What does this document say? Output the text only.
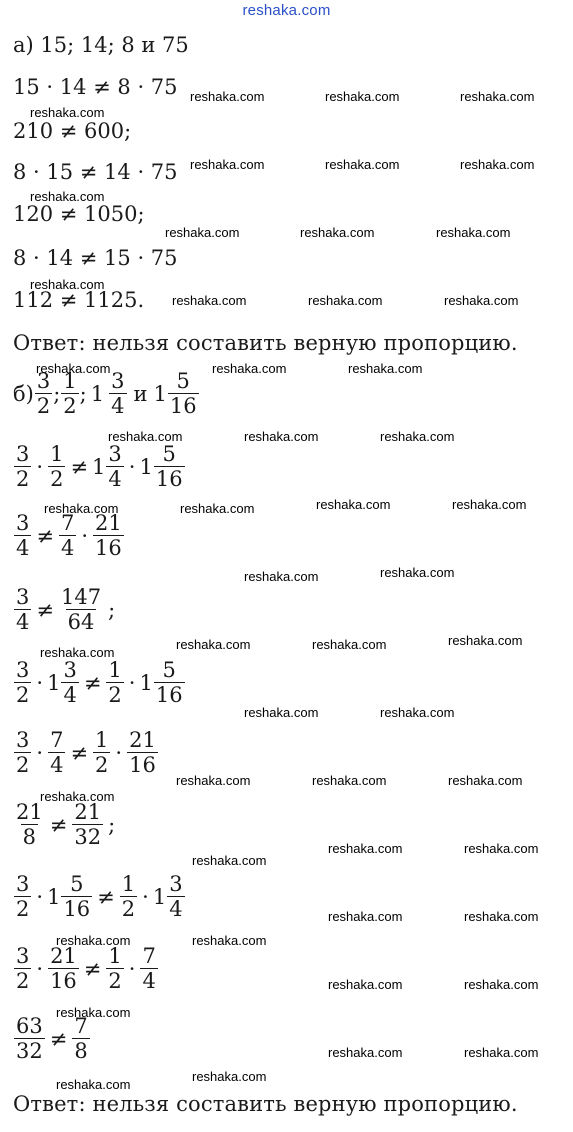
reshaka.com
а) 15; 14; 8 и 75
15 · 14 ≠ 8 · 75
210 ≠ 600;
8 · 15 ≠ 14 · 75
120 ≠ 1050;
8 · 14 ≠ 15 · 75
112 ≠ 1125.
Ответ: нельзя составить верную пропорцию.
$б) \frac{3}{2}$ ; $\frac{1}{2}$ ; $1 \frac{3}{4}$ и $1 \frac{5}{16}$
$\frac{3}{2} \cdot \frac{1}{2} \ne 1 \frac{3}{4} \cdot 1 \frac{5}{16}$
$\frac{3}{4} \ne \frac{7}{4} \cdot \frac{21}{16}$
$\frac{3}{4} \ne \frac{147}{64}$ ;
$\frac{3}{2} \cdot 1 \frac{3}{4} \ne \frac{1}{2} \cdot 1 \frac{5}{16}$
$\frac{3}{2} \cdot \frac{7}{4} \ne \frac{1}{2} \cdot \frac{21}{16}$
$\frac{21}{8} \ne \frac{21}{32}$ ;
$\frac{3}{2} \cdot 1 \frac{5}{16} \ne \frac{1}{2} \cdot 1 \frac{3}{4}$
$\frac{3}{2} \cdot \frac{21}{16} \ne \frac{1}{2} \cdot \frac{7}{4}$
$\frac{63}{32} \ne \frac{7}{8}$
Ответ: нельзя составить верную пропорцию.
reshaka.com	reshaka.com	reshaka.com
reshaka.com
reshaka.com	reshaka.com	reshaka.com
reshaka.com
reshaka.com	reshaka.com	reshaka.com
reshaka.com
reshaka.com	reshaka.com	reshaka.com
reshaka.com	reshaka.com	reshaka.com
reshaka.com	reshaka.com	reshaka.com
reshaka.com	reshaka.com	reshaka.com	reshaka.com
reshaka.com	reshaka.com
reshaka.com	reshaka.com	reshaka.com
reshaka.com
reshaka.com	reshaka.com
reshaka.com	reshaka.com	reshaka.com
reshaka.com
reshaka.com	reshaka.com
reshaka.com
reshaka.com	reshaka.com
reshaka.com	reshaka.com
reshaka.com	reshaka.com
reshaka.com
reshaka.com	reshaka.com
reshaka.com
reshaka.com
